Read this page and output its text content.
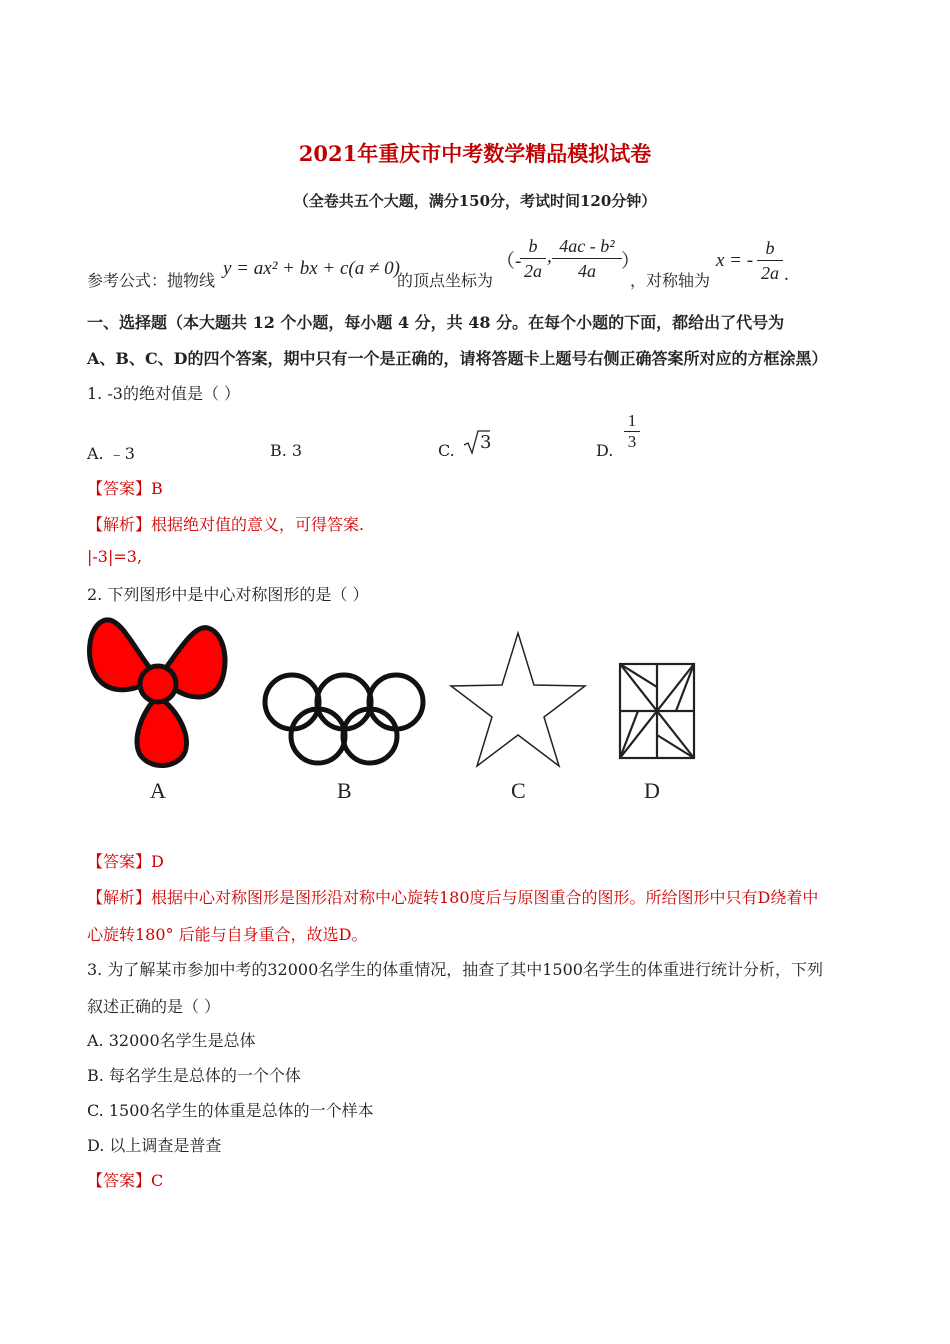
2021年重庆市中考数学精品模拟试卷
（全卷共五个大题，满分150分，考试时间120分钟）
参考公式：抛物线
y = ax² + bx + c(a ≠ 0)
的顶点坐标为
（-
$\frac{b}{2a}$ , $\frac{\text{4ac - b²}}{4a}$ ）
，对称轴为
x = - $\frac{b}{2a}$ .
一、选择题（本大题共 12 个小题，每小题 4 分，共 48 分。在每个小题的下面，都给出了代号为
A、B、C、D的四个答案，期中只有一个是正确的，请将答题卡上题号右侧正确答案所对应的方框涂黑）
1. -3的绝对值是（ ）
A. ﹣3	B. 3	C. 3	D. $\frac{1}{3}$
【答案】B
【解析】根据绝对值的意义，可得答案.
|-3|=3,
2. 下列图形中是中心对称图形的是（ ）
A	B	C	D
【答案】D
【解析】根据中心对称图形是图形沿对称中心旋转180度后与原图重合的图形。所给图形中只有D绕着中
心旋转180° 后能与自身重合，故选D。
3. 为了解某市参加中考的32000名学生的体重情况，抽查了其中1500名学生的体重进行统计分析，下列
叙述正确的是（ ）
A. 32000名学生是总体
B. 每名学生是总体的一个个体
C. 1500名学生的体重是总体的一个样本
D. 以上调查是普查
【答案】C
